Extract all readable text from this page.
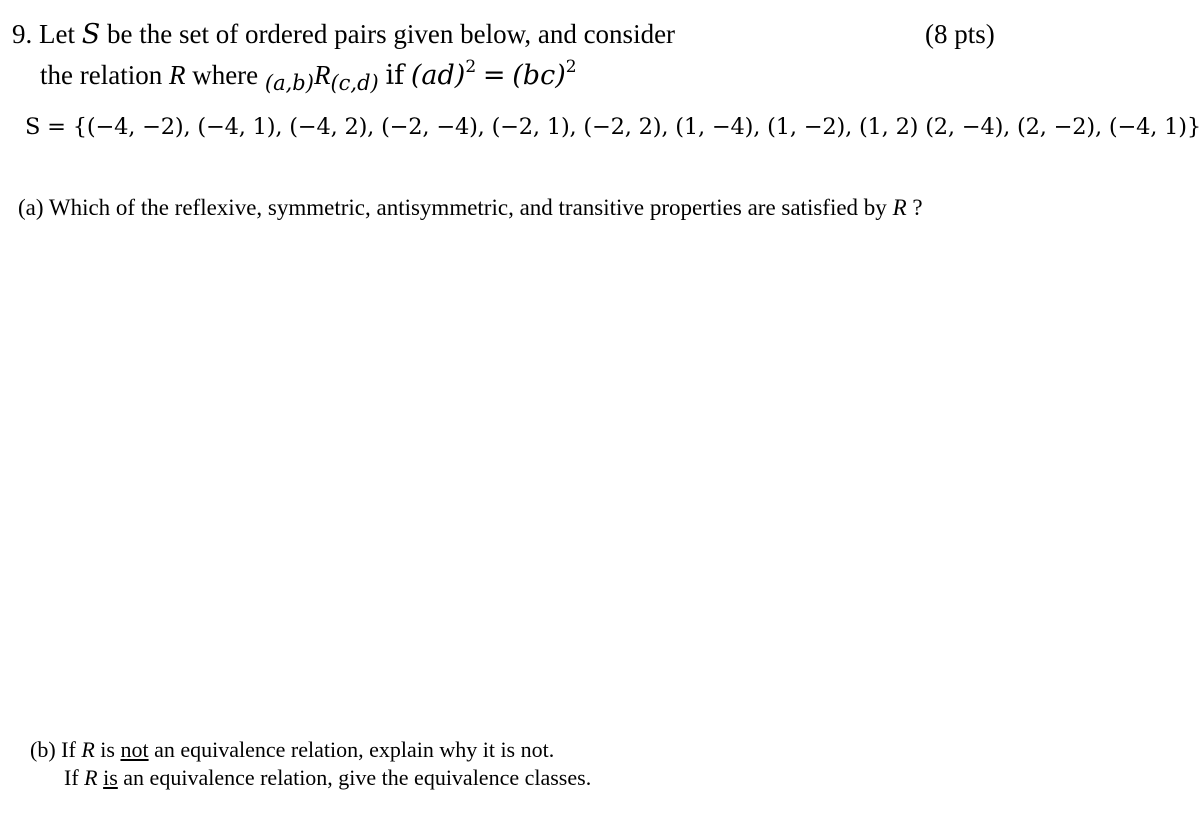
9. Let S be the set of ordered pairs given below, and consider	(8 pts)
the relation R where $_{(a,b)}R_{(c,d)}$ if (ad)$^2$ = (bc)$^2$
S = {(−4, −2), (−4, 1), (−4, 2), (−2, −4), (−2, 1), (−2, 2), (1, −4), (1, −2), (1, 2) (2, −4), (2, −2), (−4, 1)}
(a) Which of the reflexive, symmetric, antisymmetric, and transitive properties are satisfied by R ?
(b) If R is not an equivalence relation, explain why it is not.
If R is an equivalence relation, give the equivalence classes.
